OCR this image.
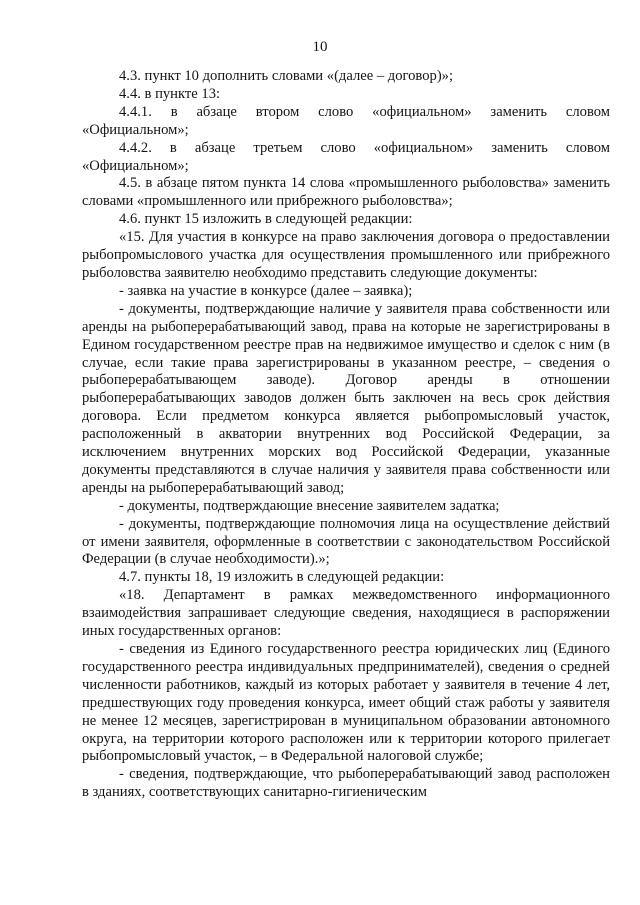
10

4.3. пункт 10 дополнить словами «(далее – договор)»;

4.4. в пункте 13:

4.4.1. в абзаце втором слово «официальном» заменить словом «Официальном»;

4.4.2. в абзаце третьем слово «официальном» заменить словом «Официальном»;

4.5. в абзаце пятом пункта 14 слова «промышленного рыболовства» заменить словами «промышленного или прибрежного рыболовства»;

4.6. пункт 15 изложить в следующей редакции:

«15. Для участия в конкурсе на право заключения договора о предоставлении рыбопромыслового участка для осуществления промышленного или прибрежного рыболовства заявителю необходимо представить следующие документы:

- заявка на участие в конкурсе (далее – заявка);

- документы, подтверждающие наличие у заявителя права собственности или аренды на рыбоперерабатывающий завод, права на которые не зарегистрированы в Едином государственном реестре прав на недвижимое имущество и сделок с ним (в случае, если такие права зарегистрированы в указанном реестре, – сведения о рыбоперерабатывающем заводе). Договор аренды в отношении рыбоперерабатывающих заводов должен быть заключен на весь срок действия договора. Если предметом конкурса является рыбопромысловый участок, расположенный в акватории внутренних вод Российской Федерации, за исключением внутренних морских вод Российской Федерации, указанные документы представляются в случае наличия у заявителя права собственности или аренды на рыбоперерабатывающий завод;

- документы, подтверждающие внесение заявителем задатка;

- документы, подтверждающие полномочия лица на осуществление действий от имени заявителя, оформленные в соответствии с законодательством Российской Федерации (в случае необходимости).»;

4.7. пункты 18, 19 изложить в следующей редакции:

«18. Департамент в рамках межведомственного информационного взаимодействия запрашивает следующие сведения, находящиеся в распоряжении иных государственных органов:

- сведения из Единого государственного реестра юридических лиц (Единого государственного реестра индивидуальных предпринимателей), сведения о средней численности работников, каждый из которых работает у заявителя в течение 4 лет, предшествующих году проведения конкурса, имеет общий стаж работы у заявителя не менее 12 месяцев, зарегистрирован в муниципальном образовании автономного округа, на территории которого расположен или к территории которого прилегает рыбопромысловый участок, – в Федеральной налоговой службе;

- сведения, подтверждающие, что рыбоперерабатывающий завод расположен в зданиях, соответствующих санитарно-гигиеническим
